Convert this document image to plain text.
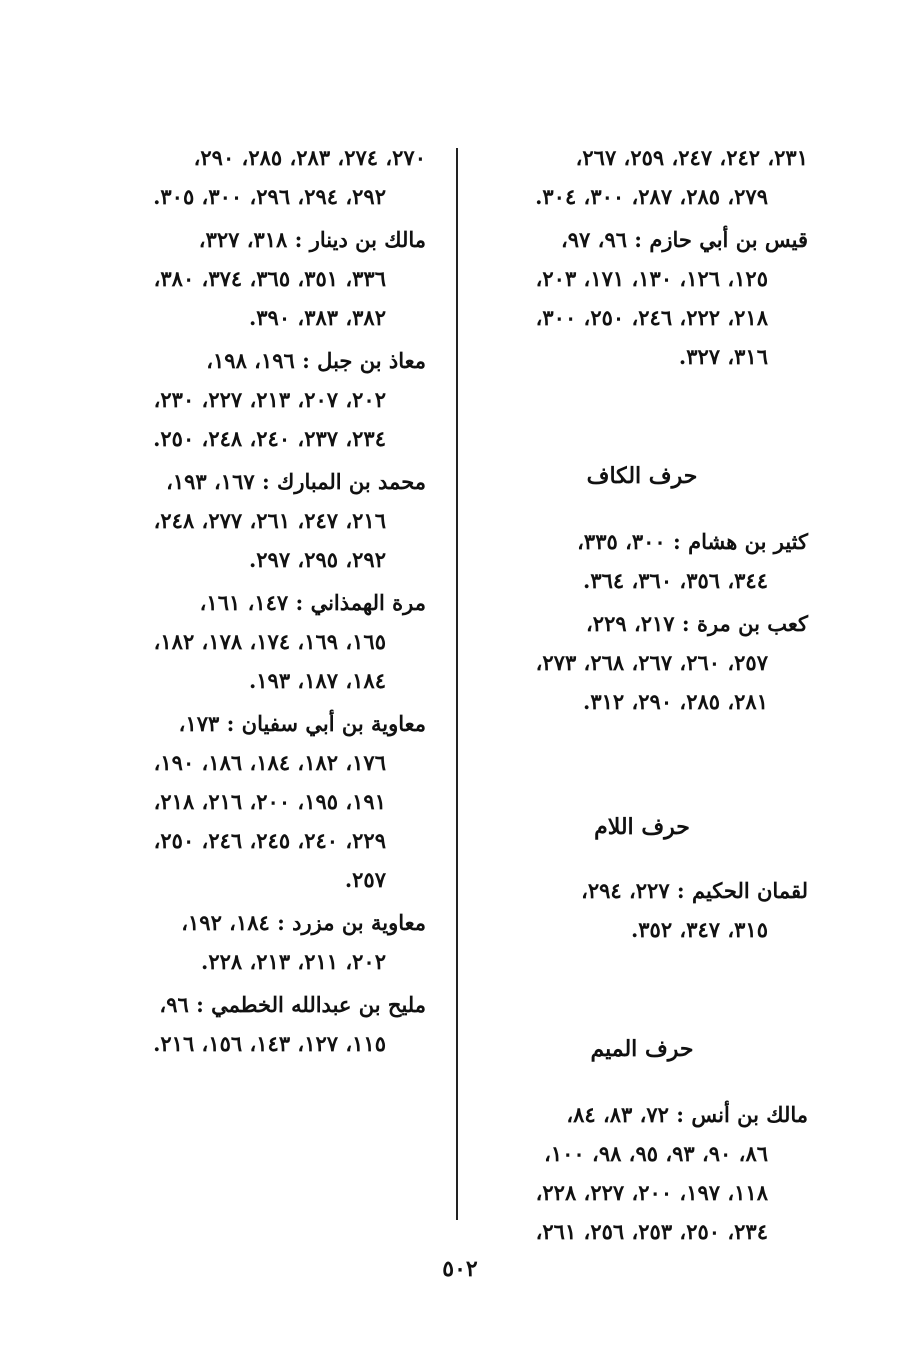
٢٣١، ٢٤٢، ٢٤٧، ٢٥٩، ٢٦٧،
٢٧٩، ٢٨٥، ٢٨٧، ٣٠٠، ٣٠٤.
قيس بن أبي حازم : ٩٦، ٩٧،
١٢٥، ١٢٦، ١٣٠، ١٧١، ٢٠٣،
٢١٨، ٢٢٢، ٢٤٦، ٢٥٠، ٣٠٠،
٣١٦، ٣٢٧.
حرف الكاف
كثير بن هشام : ٣٠٠، ٣٣٥،
٣٤٤، ٣٥٦، ٣٦٠، ٣٦٤.
كعب بن مرة : ٢١٧، ٢٢٩،
٢٥٧، ٢٦٠، ٢٦٧، ٢٦٨، ٢٧٣،
٢٨١، ٢٨٥، ٢٩٠، ٣١٢.
حرف اللام
لقمان الحكيم : ٢٢٧، ٢٩٤،
٣١٥، ٣٤٧، ٣٥٢.
حرف الميم
مالك بن أنس : ٧٢، ٨٣، ٨٤،
٨٦، ٩٠، ٩٣، ٩٥، ٩٨، ١٠٠،
١١٨، ١٩٧، ٢٠٠، ٢٢٧، ٢٢٨،
٢٣٤، ٢٥٠، ٢٥٣، ٢٥٦، ٢٦١،
٢٧٠، ٢٧٤، ٢٨٣، ٢٨٥، ٢٩٠،
٢٩٢، ٢٩٤، ٢٩٦، ٣٠٠، ٣٠٥.
مالك بن دينار : ٣١٨، ٣٢٧،
٣٣٦، ٣٥١، ٣٦٥، ٣٧٤، ٣٨٠،
٣٨٢، ٣٨٣، ٣٩٠.
معاذ بن جبل : ١٩٦، ١٩٨،
٢٠٢، ٢٠٧، ٢١٣، ٢٢٧، ٢٣٠،
٢٣٤، ٢٣٧، ٢٤٠، ٢٤٨، ٢٥٠.
محمد بن المبارك : ١٦٧، ١٩٣،
٢١٦، ٢٤٧، ٢٦١، ٢٧٧، ٢٤٨،
٢٩٢، ٢٩٥، ٢٩٧.
مرة الهمذاني : ١٤٧، ١٦١،
١٦٥، ١٦٩، ١٧٤، ١٧٨، ١٨٢،
١٨٤، ١٨٧، ١٩٣.
معاوية بن أبي سفيان : ١٧٣،
١٧٦، ١٨٢، ١٨٤، ١٨٦، ١٩٠،
١٩١، ١٩٥، ٢٠٠، ٢١٦، ٢١٨،
٢٢٩، ٢٤٠، ٢٤٥، ٢٤٦، ٢٥٠،
٢٥٧.
معاوية بن مزرد : ١٨٤، ١٩٢،
٢٠٢، ٢١١، ٢١٣، ٢٢٨.
مليح بن عبدالله الخطمي : ٩٦،
١١٥، ١٢٧، ١٤٣، ١٥٦، ٢١٦.
٥٠٢
